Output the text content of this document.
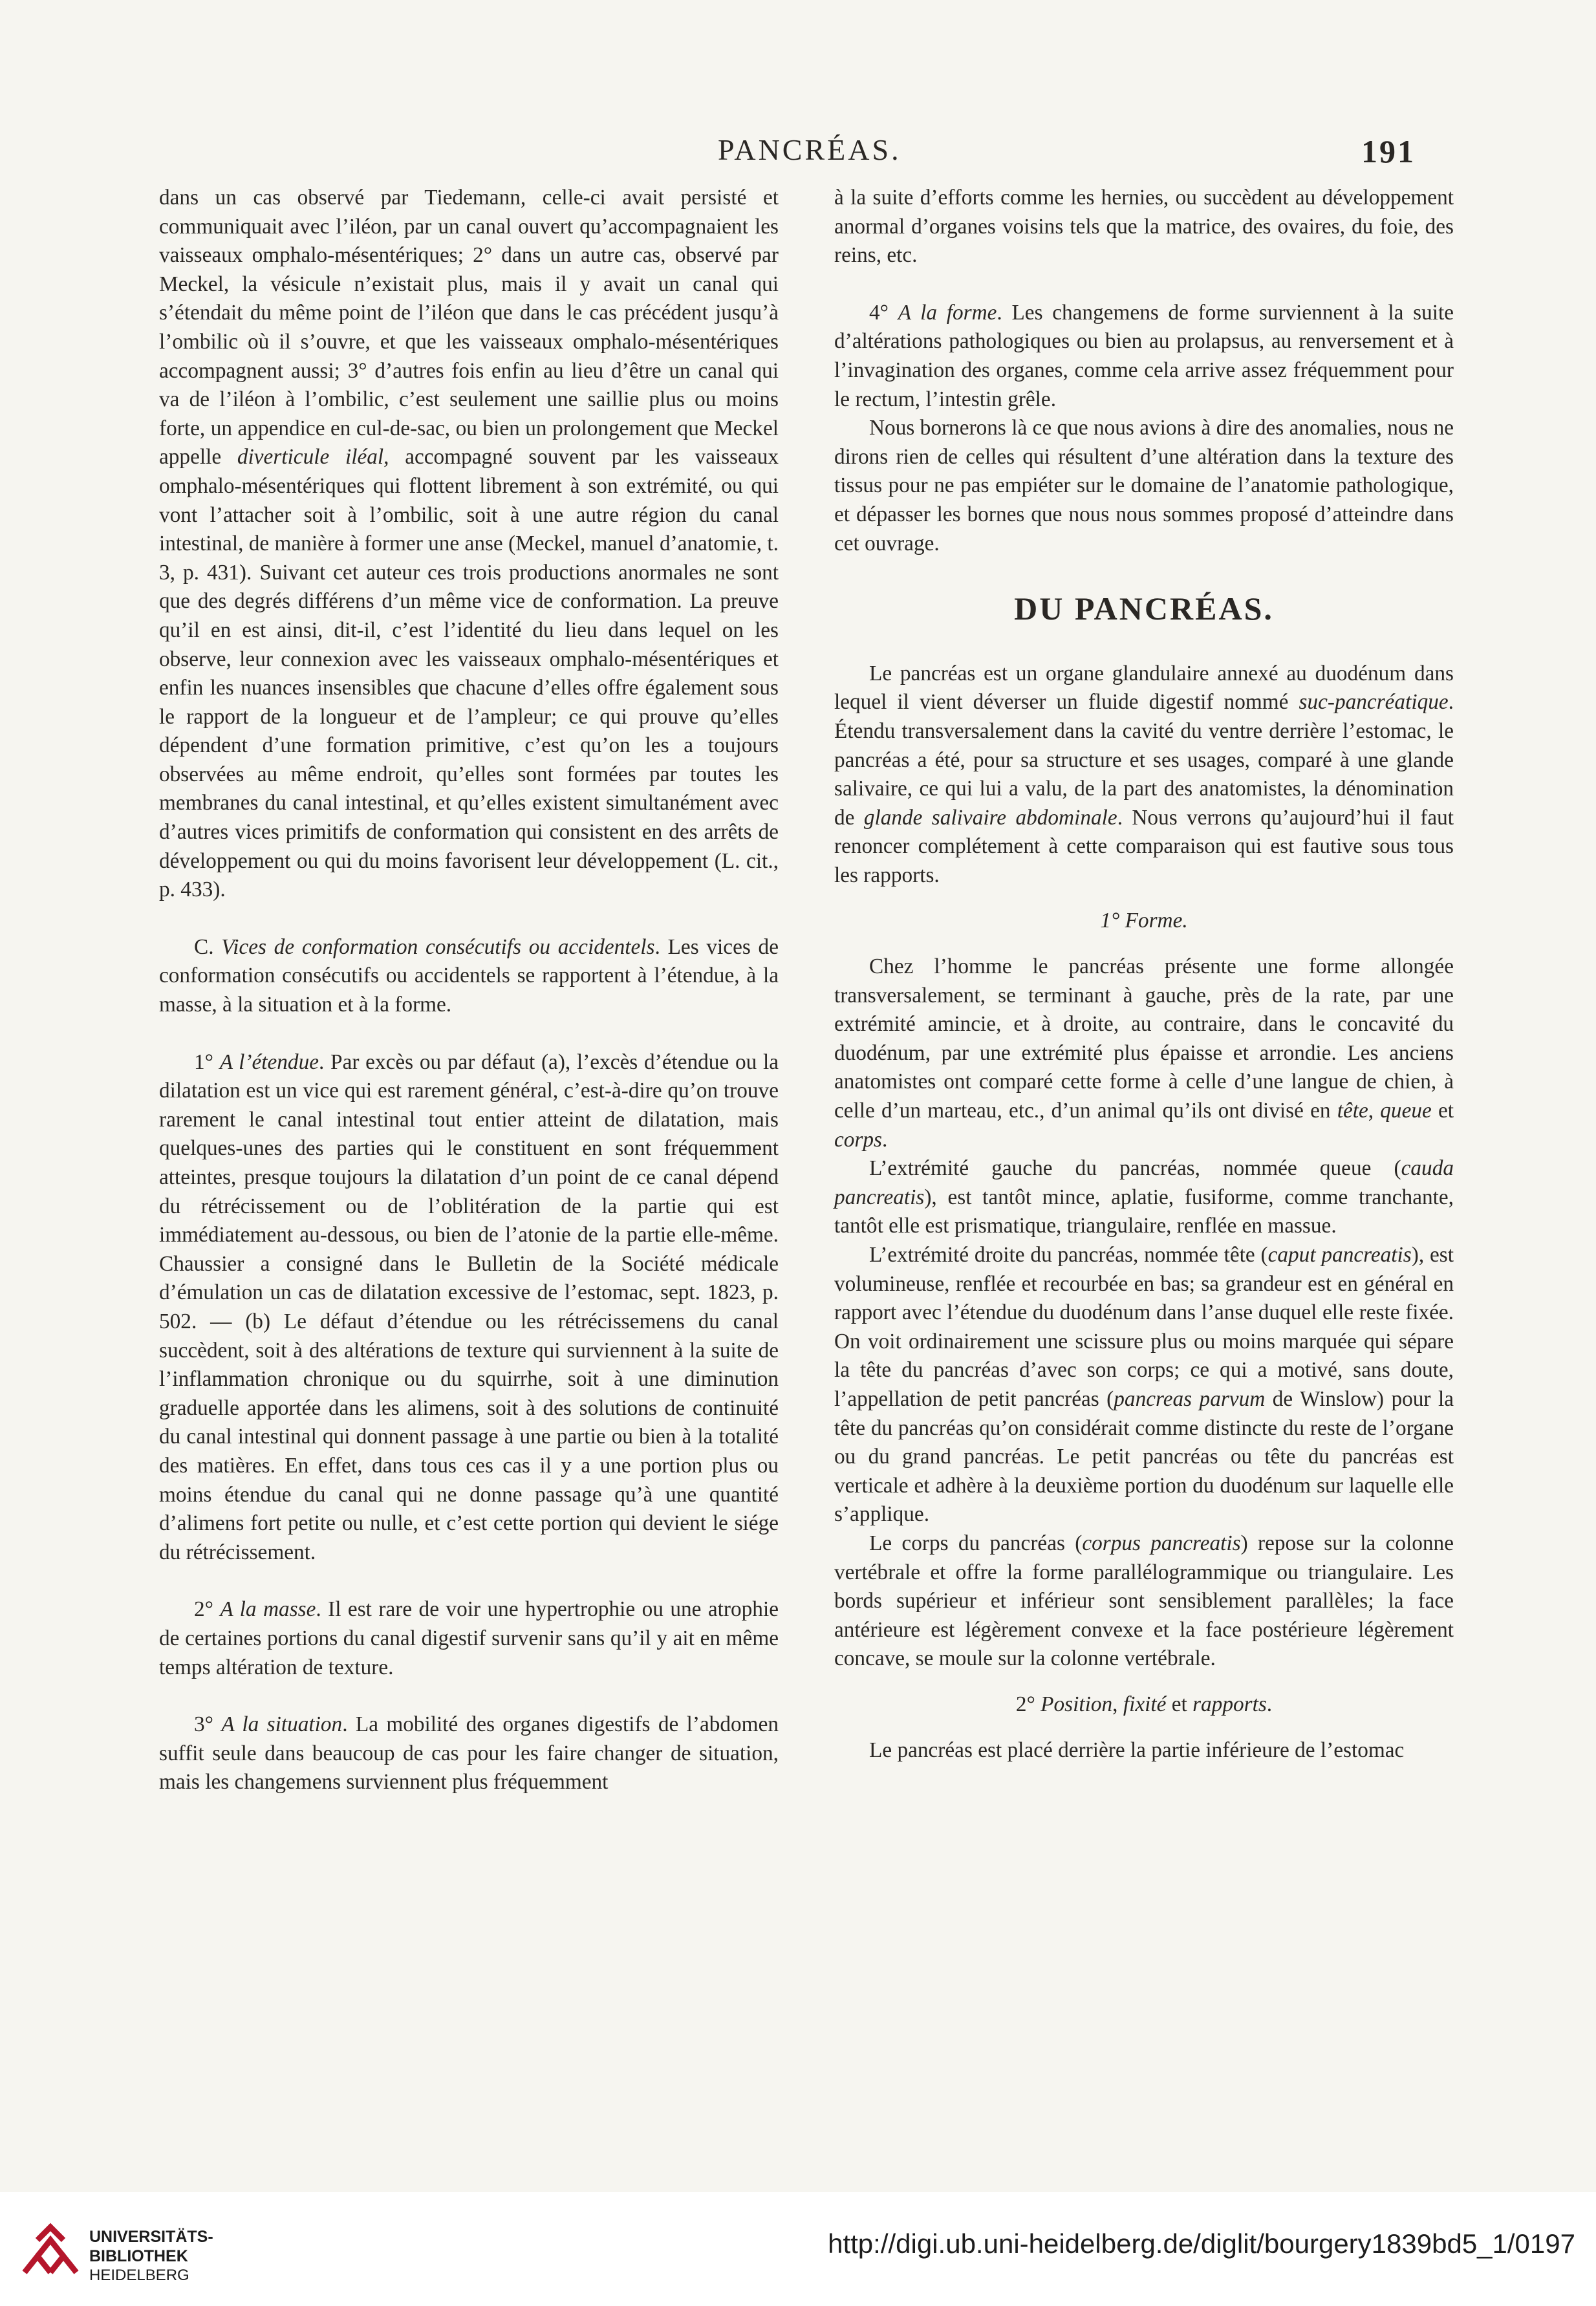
PANCRÉAS.	191

dans un cas observé par Tiedemann, celle-ci avait persisté et communiquait avec l’iléon, par un canal ouvert qu’accompagnaient les vaisseaux omphalo-mésentériques; 2° dans un autre cas, observé par Meckel, la vésicule n’existait plus, mais il y avait un canal qui s’étendait du même point de l’iléon que dans le cas précédent jusqu’à l’ombilic où il s’ouvre, et que les vaisseaux omphalo-mésentériques accompagnent aussi; 3° d’autres fois enfin au lieu d’être un canal qui va de l’iléon à l’ombilic, c’est seulement une saillie plus ou moins forte, un appendice en cul-de-sac, ou bien un prolongement que Meckel appelle diverticule iléal, accompagné souvent par les vaisseaux omphalo-mésentériques qui flottent librement à son extrémité, ou qui vont l’attacher soit à l’ombilic, soit à une autre région du canal intestinal, de manière à former une anse (Meckel, manuel d’anatomie, t. 3, p. 431). Suivant cet auteur ces trois productions anormales ne sont que des degrés différens d’un même vice de conformation. La preuve qu’il en est ainsi, dit-il, c’est l’identité du lieu dans lequel on les observe, leur connexion avec les vaisseaux omphalo-mésentériques et enfin les nuances insensibles que chacune d’elles offre également sous le rapport de la longueur et de l’ampleur; ce qui prouve qu’elles dépendent d’une formation primitive, c’est qu’on les a toujours observées au même endroit, qu’elles sont formées par toutes les membranes du canal intestinal, et qu’elles existent simultanément avec d’autres vices primitifs de conformation qui consistent en des arrêts de développement ou qui du moins favorisent leur développement (L. cit., p. 433).

C. Vices de conformation consécutifs ou accidentels. Les vices de conformation consécutifs ou accidentels se rapportent à l’étendue, à la masse, à la situation et à la forme.

1° A l’étendue. Par excès ou par défaut (a), l’excès d’étendue ou la dilatation est un vice qui est rarement général, c’est-à-dire qu’on trouve rarement le canal intestinal tout entier atteint de dilatation, mais quelques-unes des parties qui le constituent en sont fréquemment atteintes, presque toujours la dilatation d’un point de ce canal dépend du rétrécissement ou de l’oblitération de la partie qui est immédiatement au-dessous, ou bien de l’atonie de la partie elle-même. Chaussier a consigné dans le Bulletin de la Société médicale d’émulation un cas de dilatation excessive de l’estomac, sept. 1823, p. 502. — (b) Le défaut d’étendue ou les rétrécissemens du canal succèdent, soit à des altérations de texture qui surviennent à la suite de l’inflammation chronique ou du squirrhe, soit à une diminution graduelle apportée dans les alimens, soit à des solutions de continuité du canal intestinal qui donnent passage à une partie ou bien à la totalité des matières. En effet, dans tous ces cas il y a une portion plus ou moins étendue du canal qui ne donne passage qu’à une quantité d’alimens fort petite ou nulle, et c’est cette portion qui devient le siége du rétrécissement.

2° A la masse. Il est rare de voir une hypertrophie ou une atrophie de certaines portions du canal digestif survenir sans qu’il y ait en même temps altération de texture.

3° A la situation. La mobilité des organes digestifs de l’abdomen suffit seule dans beaucoup de cas pour les faire changer de situation, mais les changemens surviennent plus fréquemment

à la suite d’efforts comme les hernies, ou succèdent au développement anormal d’organes voisins tels que la matrice, des ovaires, du foie, des reins, etc.

4° A la forme. Les changemens de forme surviennent à la suite d’altérations pathologiques ou bien au prolapsus, au renversement et à l’invagination des organes, comme cela arrive assez fréquemment pour le rectum, l’intestin grêle.

Nous bornerons là ce que nous avions à dire des anomalies, nous ne dirons rien de celles qui résultent d’une altération dans la texture des tissus pour ne pas empiéter sur le domaine de l’anatomie pathologique, et dépasser les bornes que nous nous sommes proposé d’atteindre dans cet ouvrage.

DU PANCRÉAS.

Le pancréas est un organe glandulaire annexé au duodénum dans lequel il vient déverser un fluide digestif nommé suc-pancréatique. Étendu transversalement dans la cavité du ventre derrière l’estomac, le pancréas a été, pour sa structure et ses usages, comparé à une glande salivaire, ce qui lui a valu, de la part des anatomistes, la dénomination de glande salivaire abdominale. Nous verrons qu’aujourd’hui il faut renoncer complétement à cette comparaison qui est fautive sous tous les rapports.

1° Forme.

Chez l’homme le pancréas présente une forme allongée transversalement, se terminant à gauche, près de la rate, par une extrémité amincie, et à droite, au contraire, dans le concavité du duodénum, par une extrémité plus épaisse et arrondie. Les anciens anatomistes ont comparé cette forme à celle d’une langue de chien, à celle d’un marteau, etc., d’un animal qu’ils ont divisé en tête, queue et corps.

L’extrémité gauche du pancréas, nommée queue (cauda pancreatis), est tantôt mince, aplatie, fusiforme, comme tranchante, tantôt elle est prismatique, triangulaire, renflée en massue.

L’extrémité droite du pancréas, nommée tête (caput pancreatis), est volumineuse, renflée et recourbée en bas; sa grandeur est en général en rapport avec l’étendue du duodénum dans l’anse duquel elle reste fixée. On voit ordinairement une scissure plus ou moins marquée qui sépare la tête du pancréas d’avec son corps; ce qui a motivé, sans doute, l’appellation de petit pancréas (pancreas parvum de Winslow) pour la tête du pancréas qu’on considérait comme distincte du reste de l’organe ou du grand pancréas. Le petit pancréas ou tête du pancréas est verticale et adhère à la deuxième portion du duodénum sur laquelle elle s’applique.

Le corps du pancréas (corpus pancreatis) repose sur la colonne vertébrale et offre la forme parallélogrammique ou triangulaire. Les bords supérieur et inférieur sont sensiblement parallèles; la face antérieure est légèrement convexe et la face postérieure légèrement concave, se moule sur la colonne vertébrale.

2° Position, fixité et rapports.

Le pancréas est placé derrière la partie inférieure de l’estomac

UNIVERSITÄTS-
BIBLIOTHEK
HEIDELBERG
http://digi.ub.uni-heidelberg.de/diglit/bourgery1839bd5_1/0197
